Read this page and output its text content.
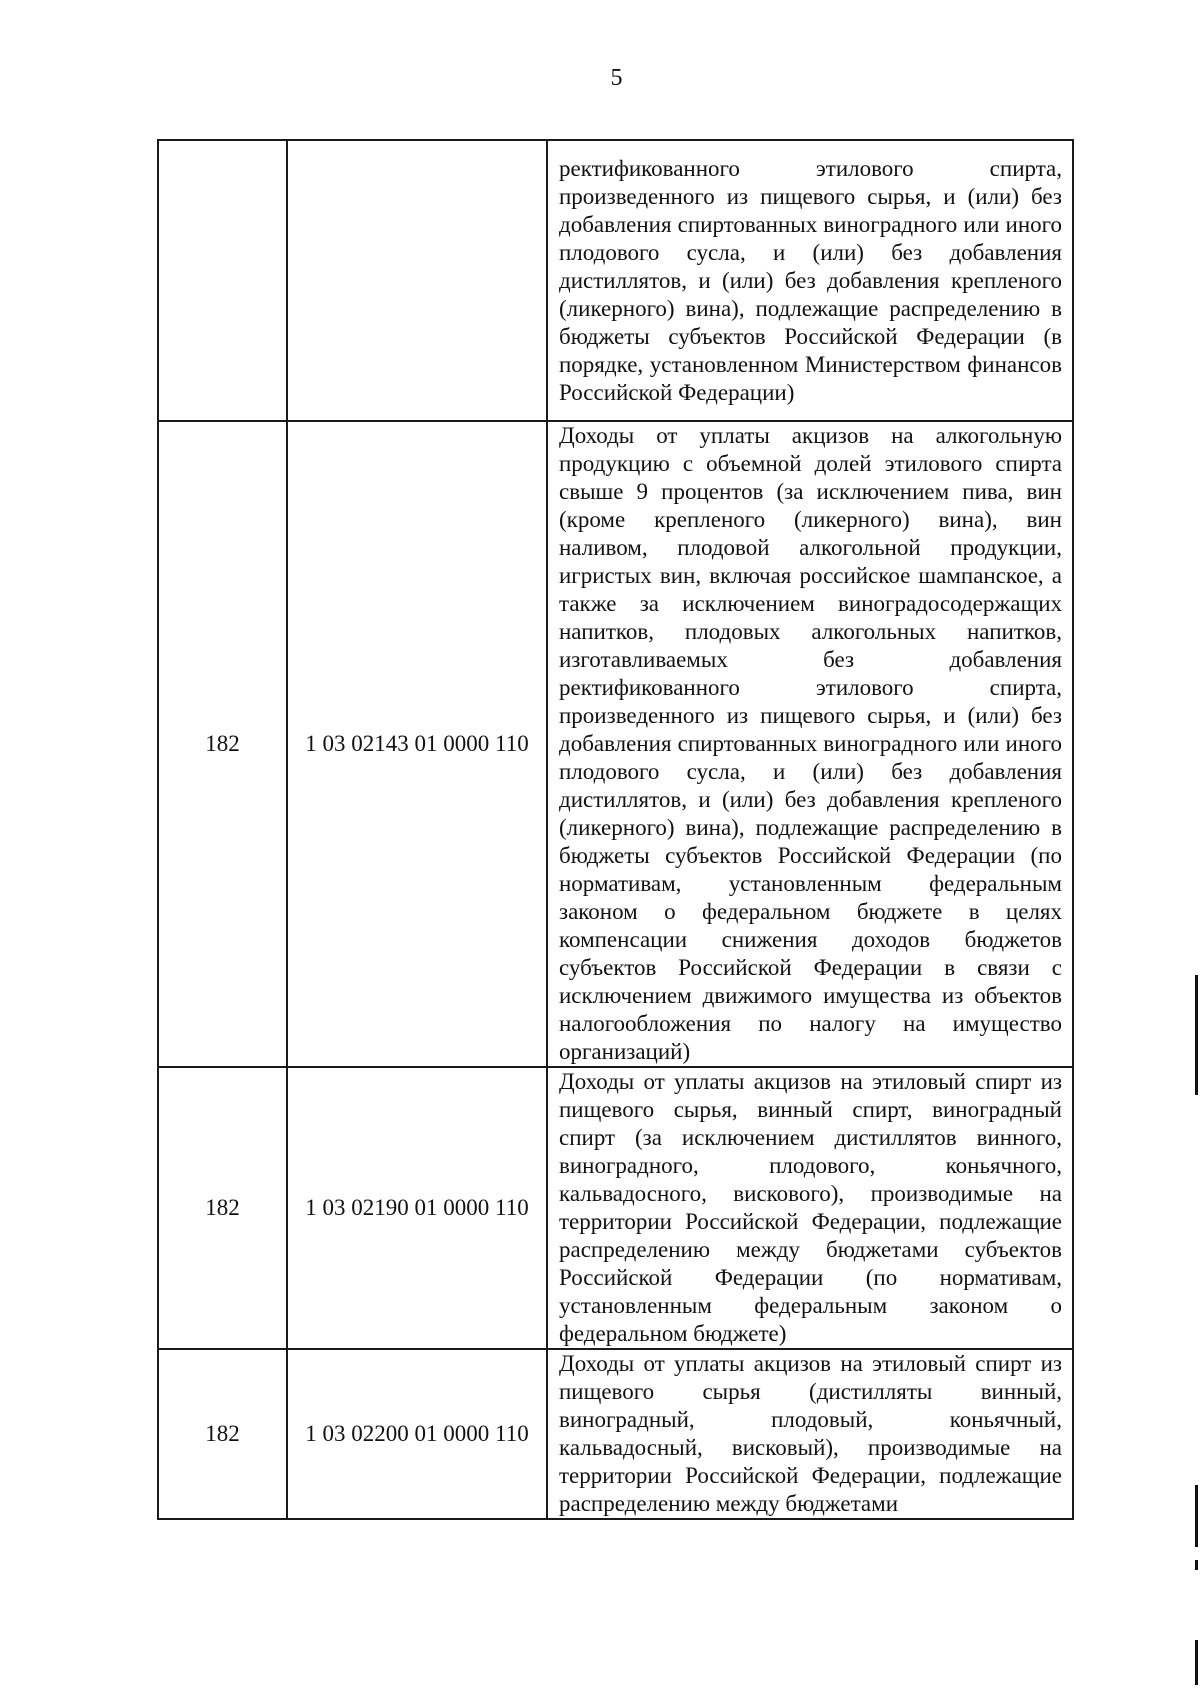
5
		ректификованного этилового спирта, произведенного из пищевого сырья, и (или) без добавления спиртованных виноградного или иного плодового сусла, и (или) без добавления дистиллятов, и (или) без добавления крепленого (ликерного) вина), подлежащие распределению в бюджеты субъектов Российской Федерации (в порядке, установленном Министерством финансов Российской Федерации)
182	1 03 02143 01 0000 110	Доходы от уплаты акцизов на алкогольную продукцию с объемной долей этилового спирта свыше 9 процентов (за исключением пива, вин (кроме крепленого (ликерного) вина), вин наливом, плодовой алкогольной продукции, игристых вин, включая российское шампанское, а также за исключением виноградосодержащих напитков, плодовых алкогольных напитков, изготавливаемых без добавления ректификованного этилового спирта, произведенного из пищевого сырья, и (или) без добавления спиртованных виноградного или иного плодового сусла, и (или) без добавления дистиллятов, и (или) без добавления крепленого (ликерного) вина), подлежащие распределению в бюджеты субъектов Российской Федерации (по нормативам, установленным федеральным законом о федеральном бюджете в целях компенсации снижения доходов бюджетов субъектов Российской Федерации в связи с исключением движимого имущества из объектов налогообложения по налогу на имущество организаций)
182	1 03 02190 01 0000 110	Доходы от уплаты акцизов на этиловый спирт из пищевого сырья, винный спирт, виноградный спирт (за исключением дистиллятов винного, виноградного, плодового, коньячного, кальвадосного, вискового), производимые на территории Российской Федерации, подлежащие распределению между бюджетами субъектов Российской Федерации (по нормативам, установленным федеральным законом о федеральном бюджете)
182	1 03 02200 01 0000 110	Доходы от уплаты акцизов на этиловый спирт из пищевого сырья (дистилляты винный, виноградный, плодовый, коньячный, кальвадосный, висковый), производимые на территории Российской Федерации, подлежащие распределению между бюджетами
